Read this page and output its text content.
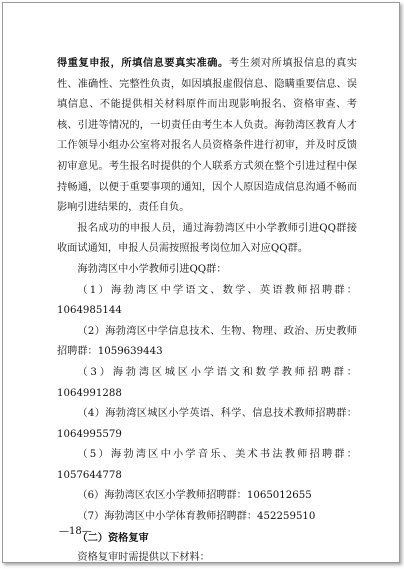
得重复申报，所填信息要真实准确。考生须对所填报信息的真实性、准确性、完整性负责，如因填报虚假信息、隐瞒重要信息、误填信息、不能提供相关材料原件而出现影响报名、资格审查、考核、引进等情况的，一切责任由考生本人负责。海勃湾区教育人才工作领导小组办公室将对报名人员资格条件进行初审，并及时反馈初审意见。考生报名时提供的个人联系方式须在整个引进过程中保持畅通，以便于重要事项的通知，因个人原因造成信息沟通不畅而影响引进结果的，责任自负。

报名成功的申报人员，通过海勃湾区中小学教师引进QQ群接收面试通知，申报人员需按照报考岗位加入对应QQ群。

海勃湾区中小学教师引进QQ群：

（1）海勃湾区中学语文、数学、英语教师招聘群：1064985144

（2）海勃湾区中学信息技术、生物、物理、政治、历史教师招聘群：1059639443

（3）海勃湾区城区小学语文和数学教师招聘群：1064991288

（4）海勃湾区城区小学英语、科学、信息技术教师招聘群：1064995579

（5）海勃湾区中小学音乐、美术书法教师招聘群：1057644778

（6）海勃湾区农区小学教师招聘群：1065012655

（7）海勃湾区中小学体育教师招聘群：452259510

（二）资格复审

资格复审时需提供以下材料：

—18—
